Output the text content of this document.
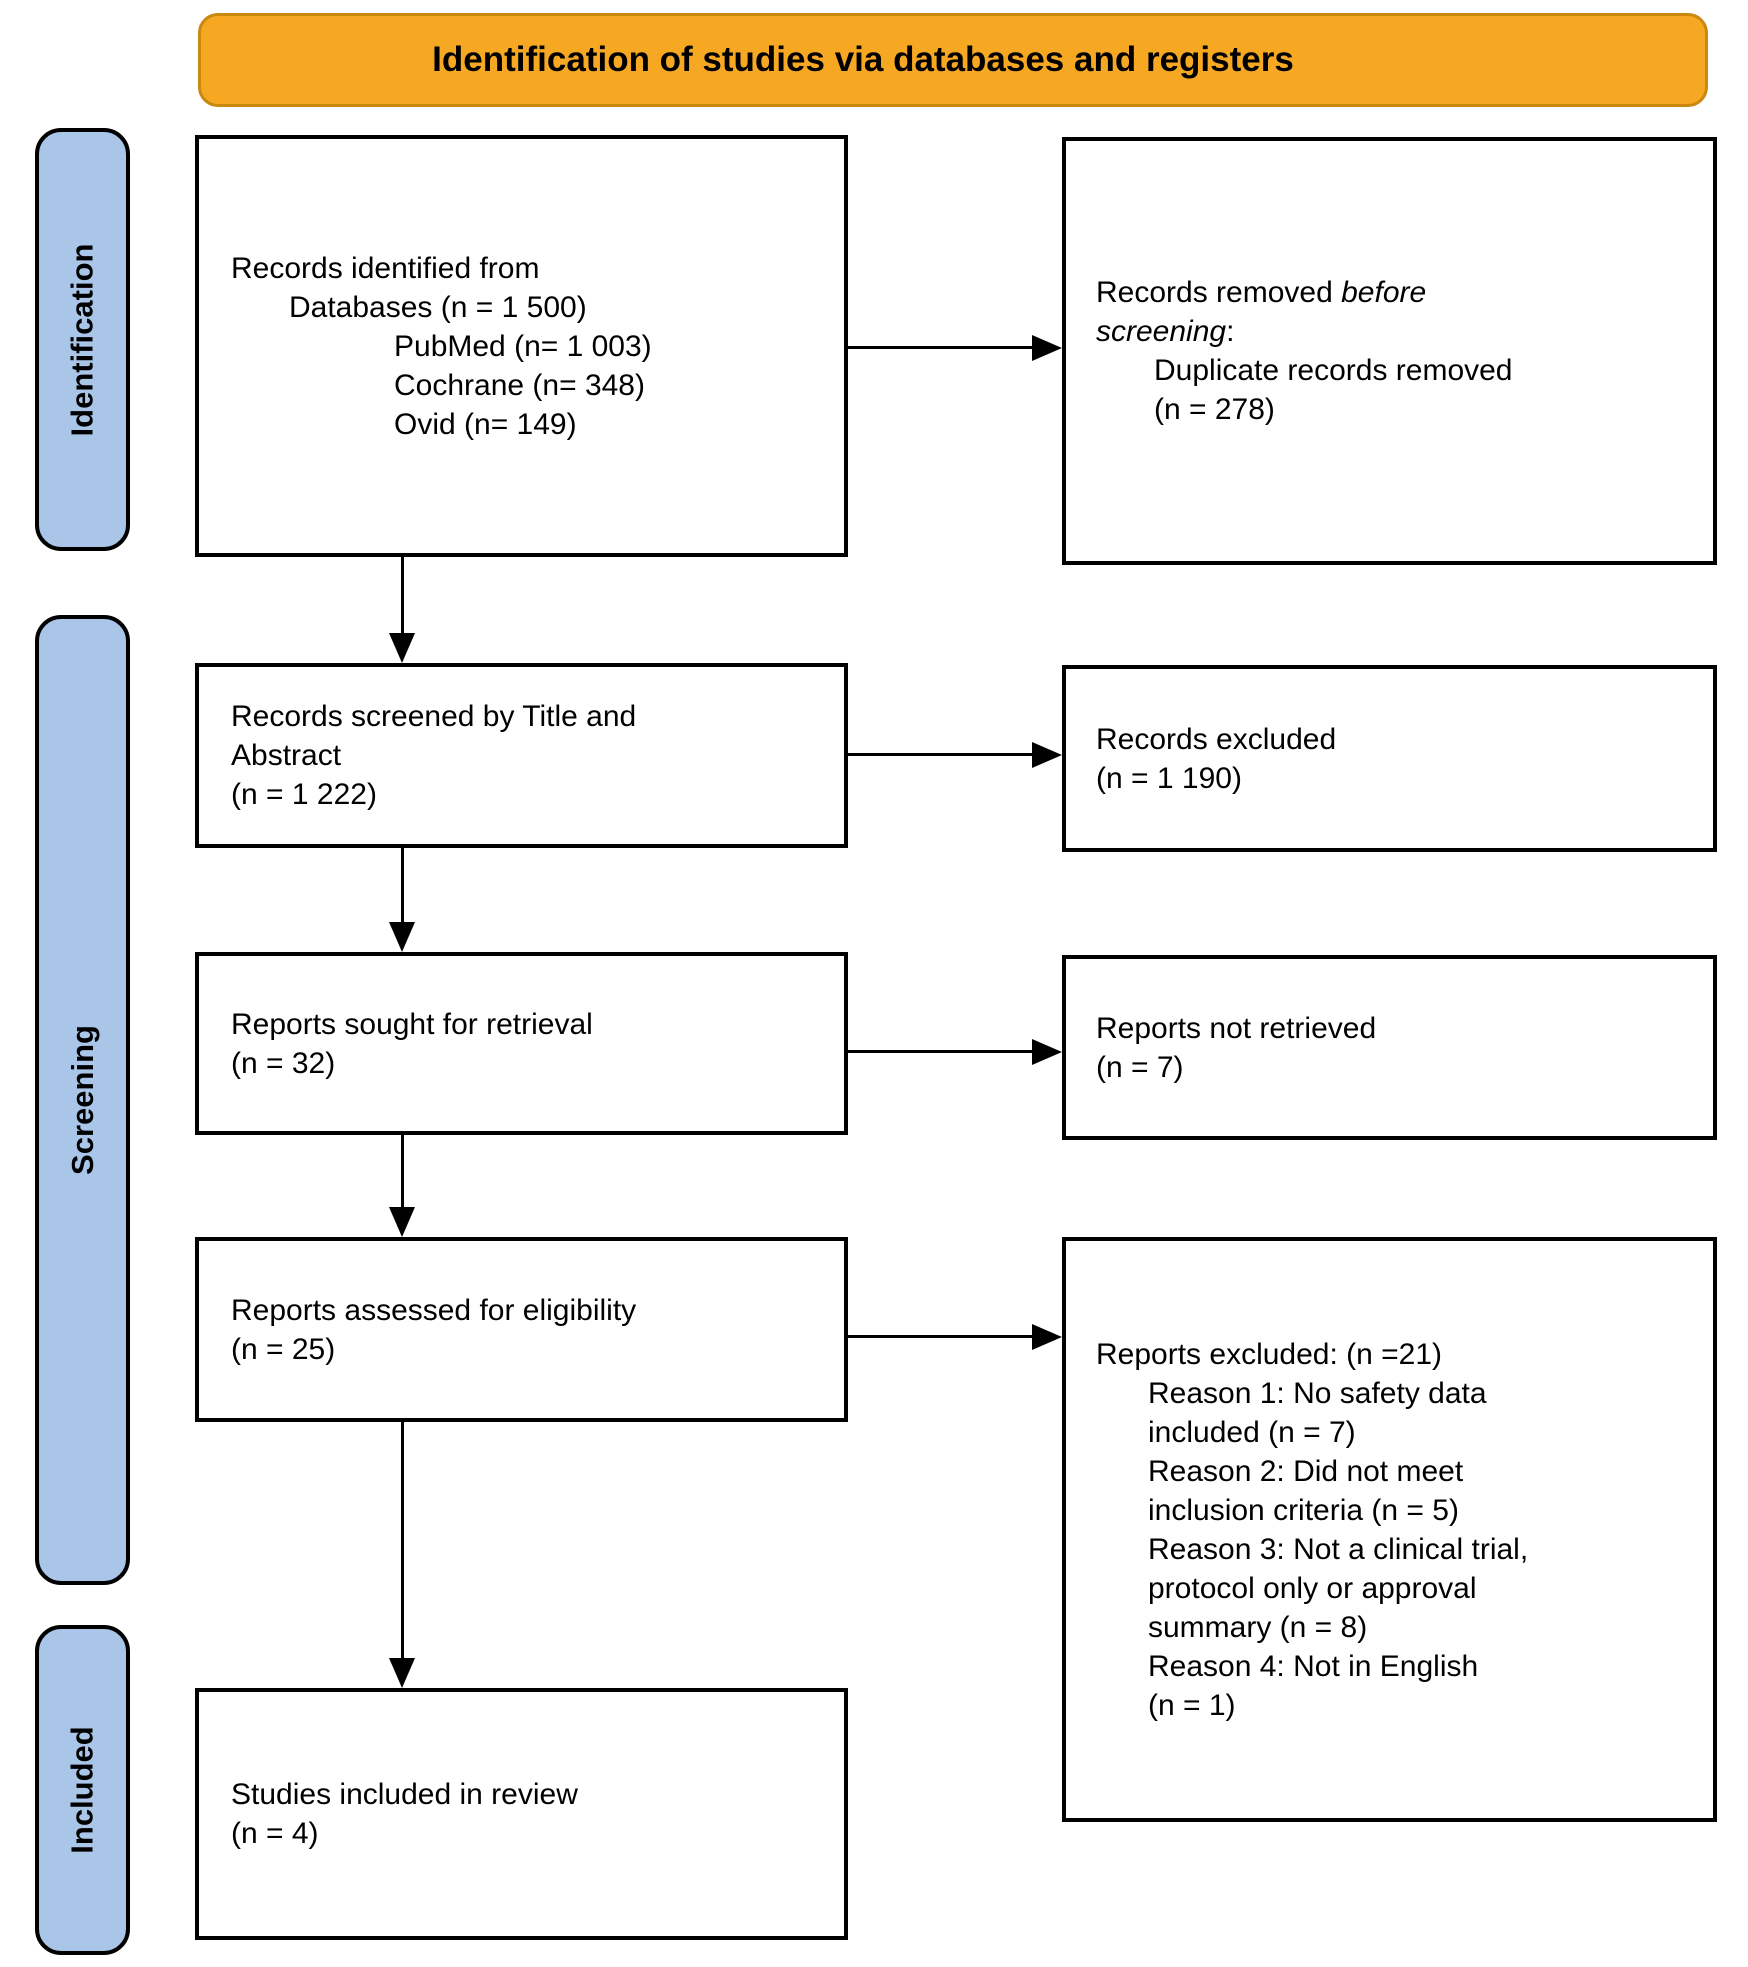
Identification of studies via databases and registers
Identification
Screening
Included
Records identified from
Databases (n = 1 500)
PubMed (n= 1 003)
Cochrane (n= 348)
Ovid (n= 149)
Records screened by Title and
Abstract
(n = 1 222)
Reports sought for retrieval
(n = 32)
Reports assessed for eligibility
(n = 25)
Studies included in review
(n = 4)
Records removed before
screening:
Duplicate records removed
(n = 278)
Records excluded
(n = 1 190)
Reports not retrieved
(n = 7)
Reports excluded: (n =21)
Reason 1: No safety data
included (n = 7)
Reason 2: Did not meet
inclusion criteria (n = 5)
Reason 3: Not a clinical trial,
protocol only or approval
summary (n = 8)
Reason 4: Not in English
(n = 1)
